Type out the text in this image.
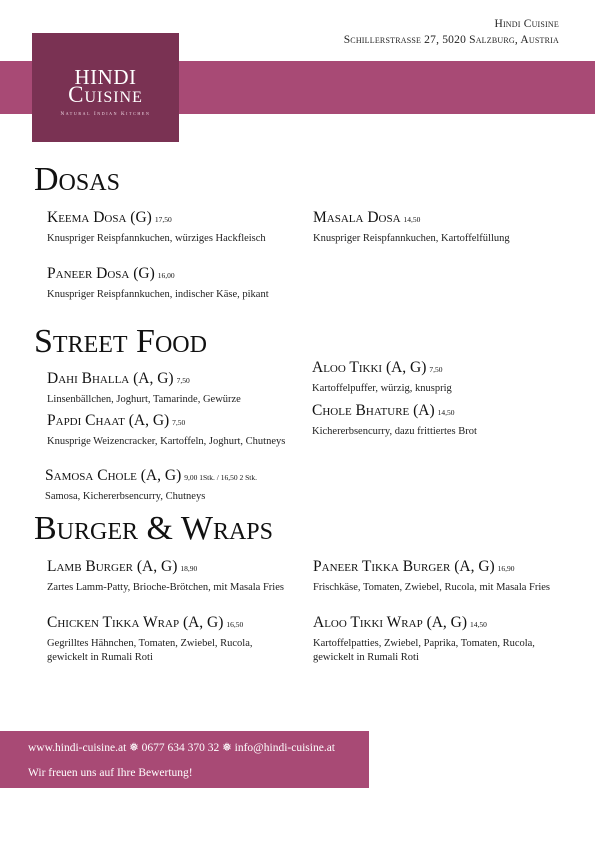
Hindi Cuisine
Schillerstrasse 27, 5020 Salzburg, Austria
HINDI
Cuisine
Natural Indian Kitchen
Dosas
Keema Dosa (G) 17,50
Knuspriger Reispfannkuchen, würziges Hackfleisch
Paneer Dosa (G) 16,00
Knuspriger Reispfannkuchen, indischer Käse, pikant
Masala Dosa 14,50
Knuspriger Reispfannkuchen, Kartoffelfüllung
Street Food
Dahi Bhalla (A, G) 7,50
Linsenbällchen, Joghurt, Tamarinde, Gewürze
Papdi Chaat (A, G) 7,50
Knusprige Weizencracker, Kartoffeln, Joghurt, Chutneys
Samosa Chole (A, G) 9,00 1Stk. / 16,50 2 Stk.
Samosa, Kichererbsencurry, Chutneys
Aloo Tikki (A, G) 7,50
Kartoffelpuffer, würzig, knusprig
Chole Bhature (A) 14,50
Kichererbsencurry, dazu frittiertes Brot
Burger & Wraps
Lamb Burger (A, G) 18,90
Zartes Lamm-Patty, Brioche-Brötchen, mit Masala Fries
Chicken Tikka Wrap (A, G) 16,50
Gegrilltes Hähnchen, Tomaten, Zwiebel, Rucola, gewickelt in Rumali Roti
Paneer Tikka Burger (A, G) 16,90
Frischkäse, Tomaten, Zwiebel, Rucola, mit Masala Fries
Aloo Tikki Wrap (A, G) 14,50
Kartoffelpatties, Zwiebel, Paprika, Tomaten, Rucola, gewickelt in Rumali Roti
www.hindi-cuisine.at ❅ 0677 634 370 32 ❅ info@hindi-cuisine.at
Wir freuen uns auf Ihre Bewertung!
